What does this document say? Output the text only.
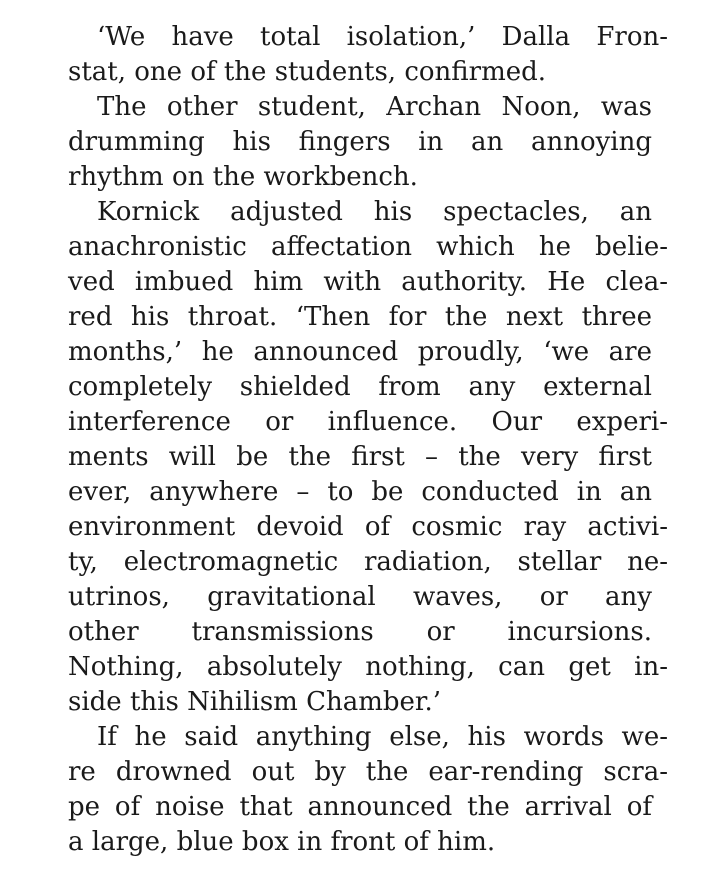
‘We have total isolation,’ Dalla Fron-
stat, one of the students, confirmed.
The other student, Archan Noon, was
drumming his fingers in an annoying
rhythm on the workbench.
Kornick adjusted his spectacles, an
anachronistic affectation which he belie-
ved imbued him with authority. He clea-
red his throat. ‘Then for the next three
months,’ he announced proudly, ‘we are
completely shielded from any external
interference or influence. Our experi-
ments will be the first – the very first
ever, anywhere – to be conducted in an
environment devoid of cosmic ray activi-
ty, electromagnetic radiation, stellar ne-
utrinos, gravitational waves, or any
other transmissions or incursions.
Nothing, absolutely nothing, can get in-
side this Nihilism Chamber.’
If he said anything else, his words we-
re drowned out by the ear-rending scra-
pe of noise that announced the arrival of
a large, blue box in front of him.
